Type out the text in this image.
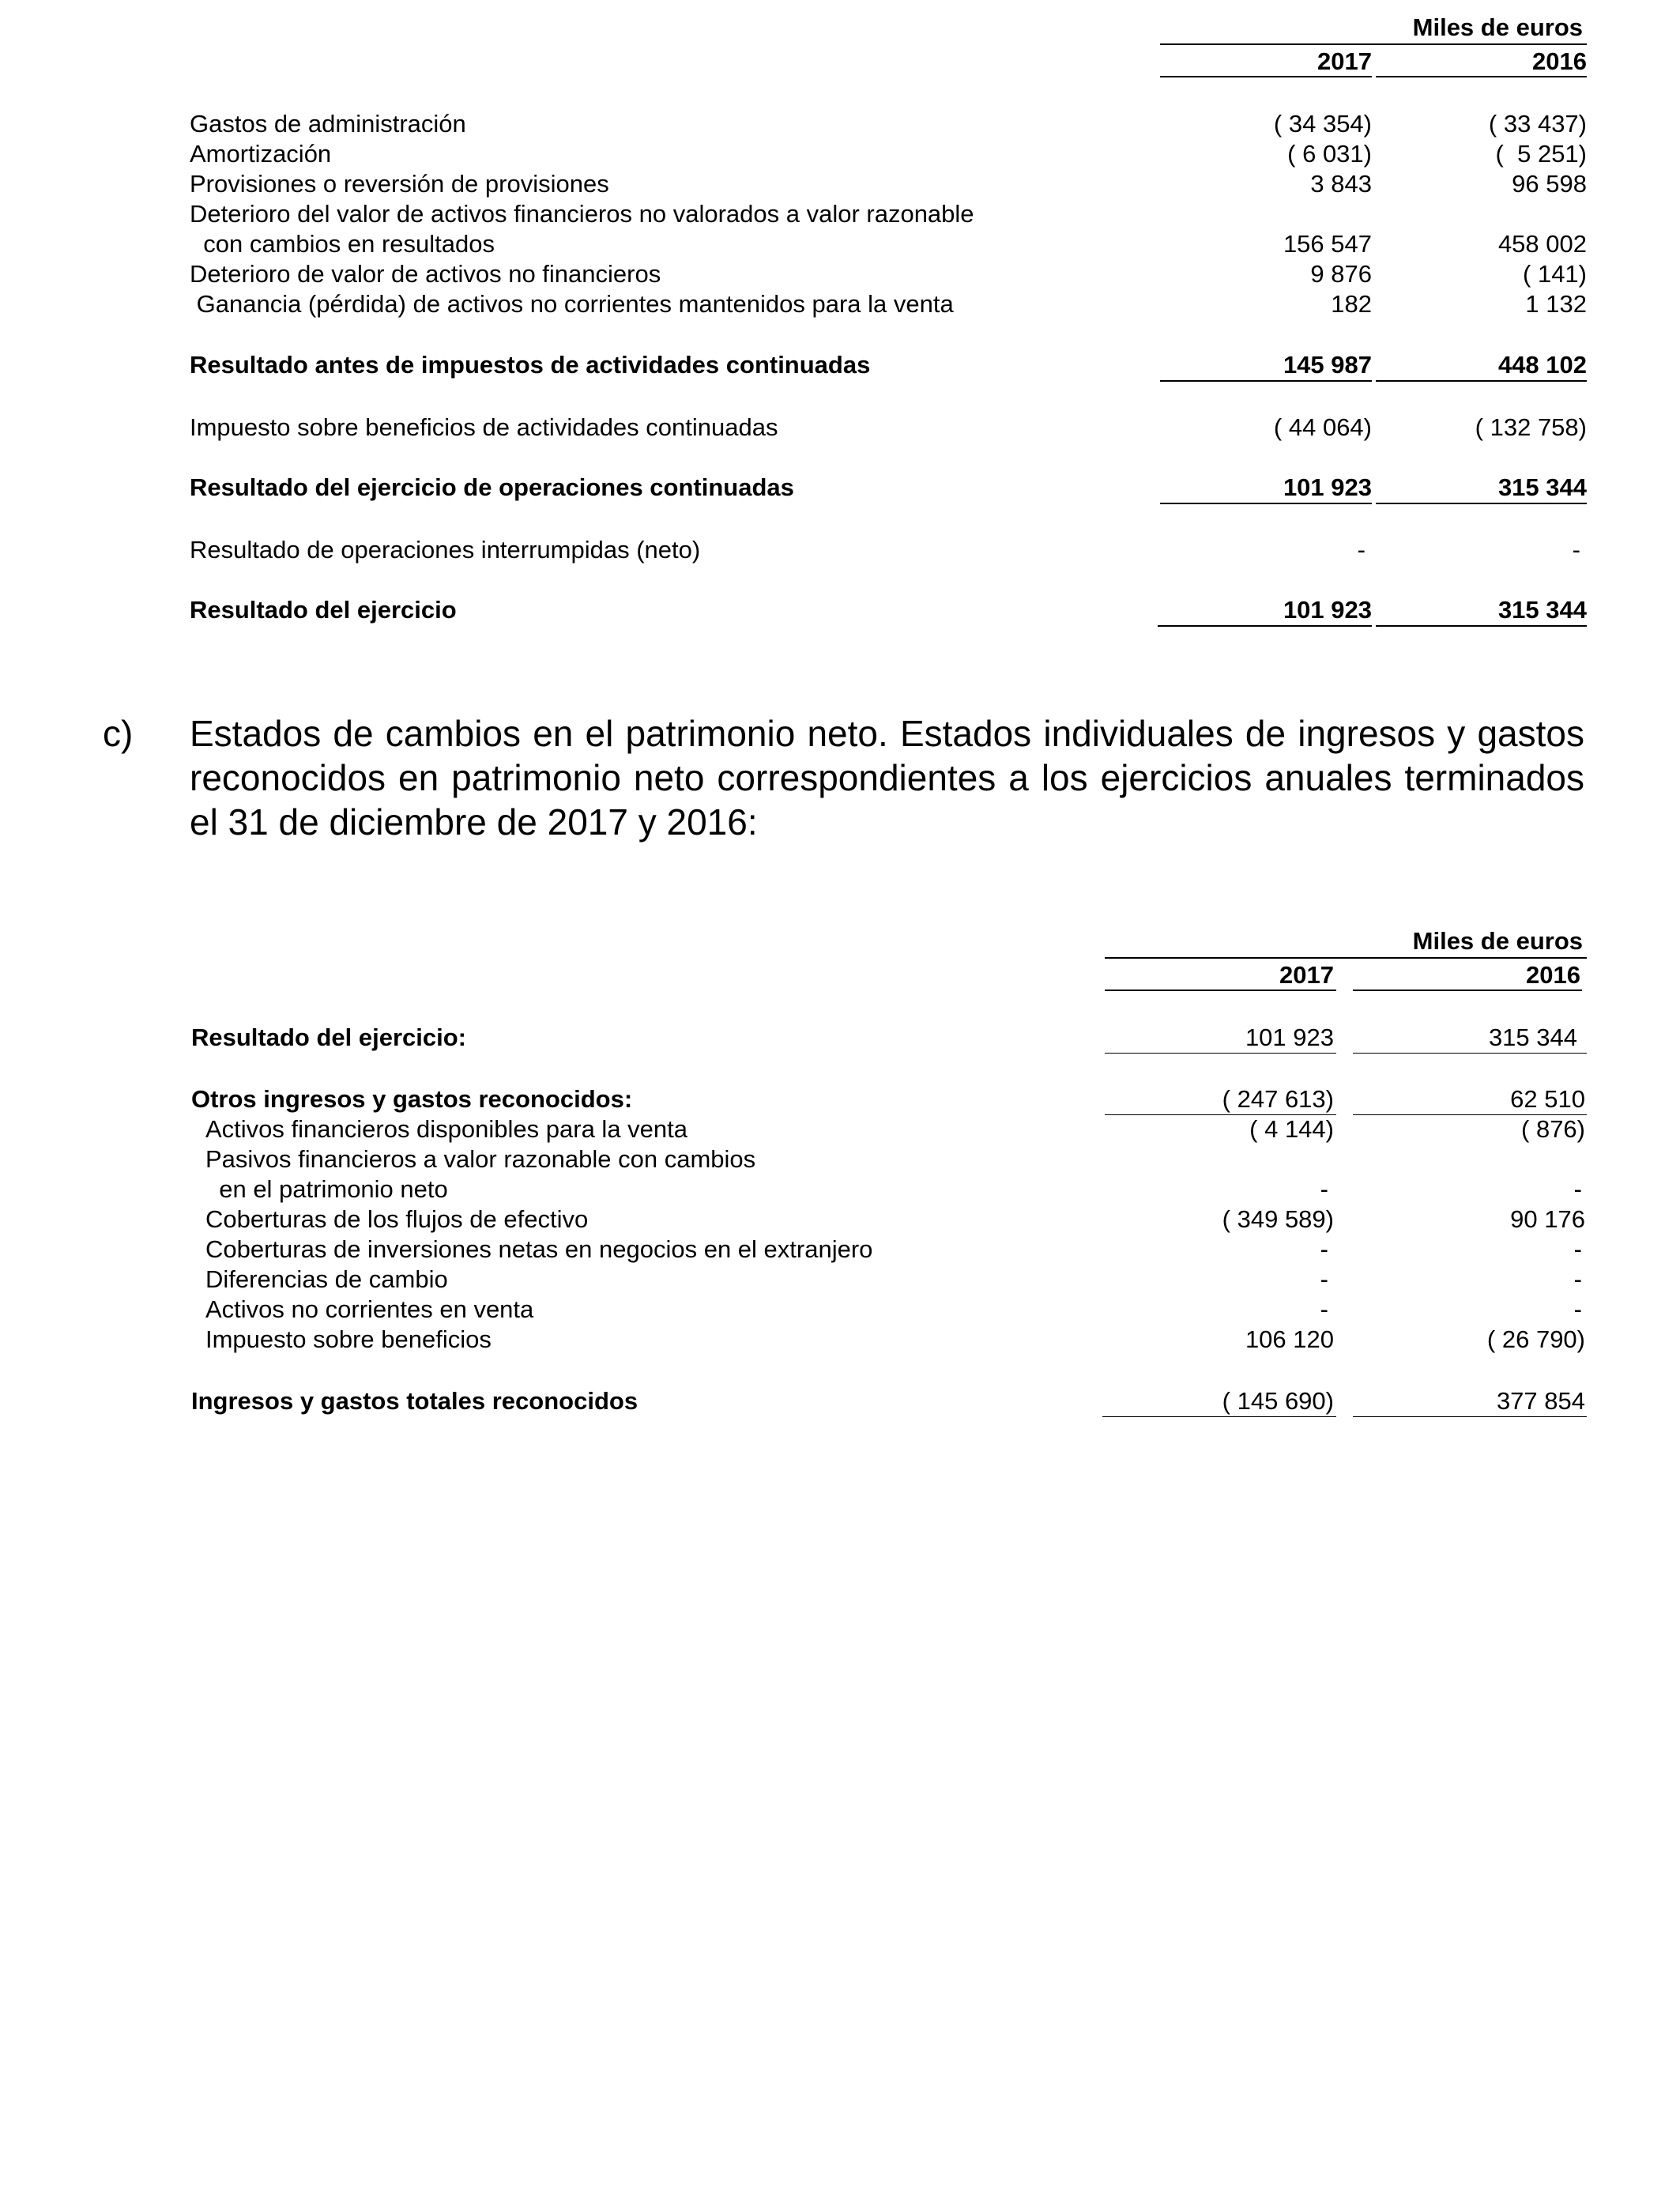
Miles de euros
2017	2016
Gastos de administración	( 34 354)	( 33 437)
Amortización	( 6 031)	(  5 251)
Provisiones o reversión de provisiones	3 843	96 598
Deterioro del valor de activos financieros no valorados a valor razonable
con cambios en resultados	156 547	458 002
Deterioro de valor de activos no financieros	9 876	( 141)
Ganancia (pérdida) de activos no corrientes mantenidos para la venta	182	1 132
Resultado antes de impuestos de actividades continuadas	145 987	448 102
Impuesto sobre beneficios de actividades continuadas	( 44 064)	( 132 758)
Resultado del ejercicio de operaciones continuadas	101 923	315 344
Resultado de operaciones interrumpidas (neto)	-	-
Resultado del ejercicio	101 923	315 344
c) Estados de cambios en el patrimonio neto. Estados individuales de ingresos y gastos reconocidos en patrimonio neto correspondientes a los ejercicios anuales terminados el 31 de diciembre de 2017 y 2016:
Miles de euros
2017	2016
Resultado del ejercicio:	101 923	315 344
Otros ingresos y gastos reconocidos:	( 247 613)	62 510
Activos financieros disponibles para la venta	( 4 144)	( 876)
Pasivos financieros a valor razonable con cambios
en el patrimonio neto	-	-
Coberturas de los flujos de efectivo	( 349 589)	90 176
Coberturas de inversiones netas en negocios en el extranjero	-	-
Diferencias de cambio	-	-
Activos no corrientes en venta	-	-
Impuesto sobre beneficios	106 120	( 26 790)
Ingresos y gastos totales reconocidos	( 145 690)	377 854
